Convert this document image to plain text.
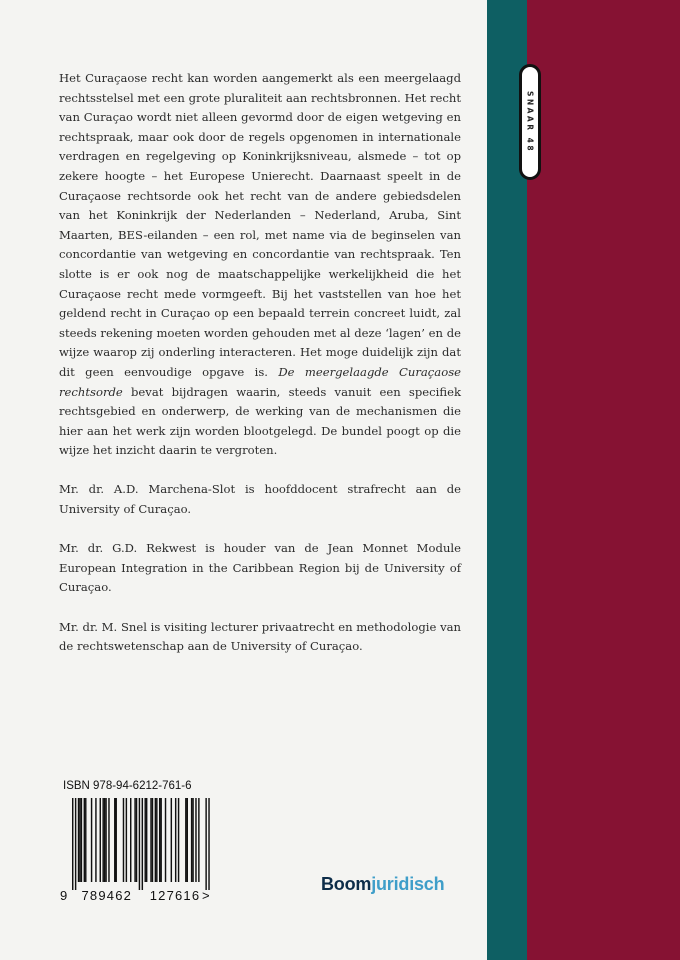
SNAAR 48

Het Curaçaose recht kan worden aangemerkt als een meergelaagd rechtsstelsel met een grote pluraliteit aan rechtsbronnen. Het recht van Curaçao wordt niet alleen gevormd door de eigen wetgeving en rechtspraak, maar ook door de regels opgenomen in internationale verdragen en regelgeving op Koninkrijksniveau, alsmede – tot op zekere hoogte – het Europese Unierecht. Daarnaast speelt in de Curaçaose rechtsorde ook het recht van de andere gebiedsdelen van het Koninkrijk der Nederlanden – Nederland, Aruba, Sint Maarten, BES-eilanden – een rol, met name via de beginselen van concordantie van wetgeving en concordantie van rechtspraak. Ten slotte is er ook nog de maatschappelijke werkelijkheid die het Curaçaose recht mede vormgeeft. Bij het vaststellen van hoe het geldend recht in Curaçao op een bepaald terrein concreet luidt, zal steeds rekening moeten worden gehouden met al deze ‘lagen’ en de wijze waarop zij onderling interacteren. Het moge duidelijk zijn dat dit geen eenvoudige opgave is. De meergelaagde Curaçaose rechtsorde bevat bijdragen waarin, steeds vanuit een specifiek rechtsgebied en onderwerp, de werking van de mechanismen die hier aan het werk zijn worden blootgelegd. De bundel poogt op die wijze het inzicht daarin te vergroten.

Mr. dr. A.D. Marchena-Slot is hoofddocent strafrecht aan de University of Curaçao.

Mr. dr. G.D. Rekwest is houder van de Jean Monnet Module European Integration in the Caribbean Region bij de University of Curaçao.

Mr. dr. M. Snel is visiting lecturer privaatrecht en methodologie van de rechtswetenschap aan de University of Curaçao.

ISBN 978-94-6212-761-6
9 789462 127616 >
Boomjuridisch
